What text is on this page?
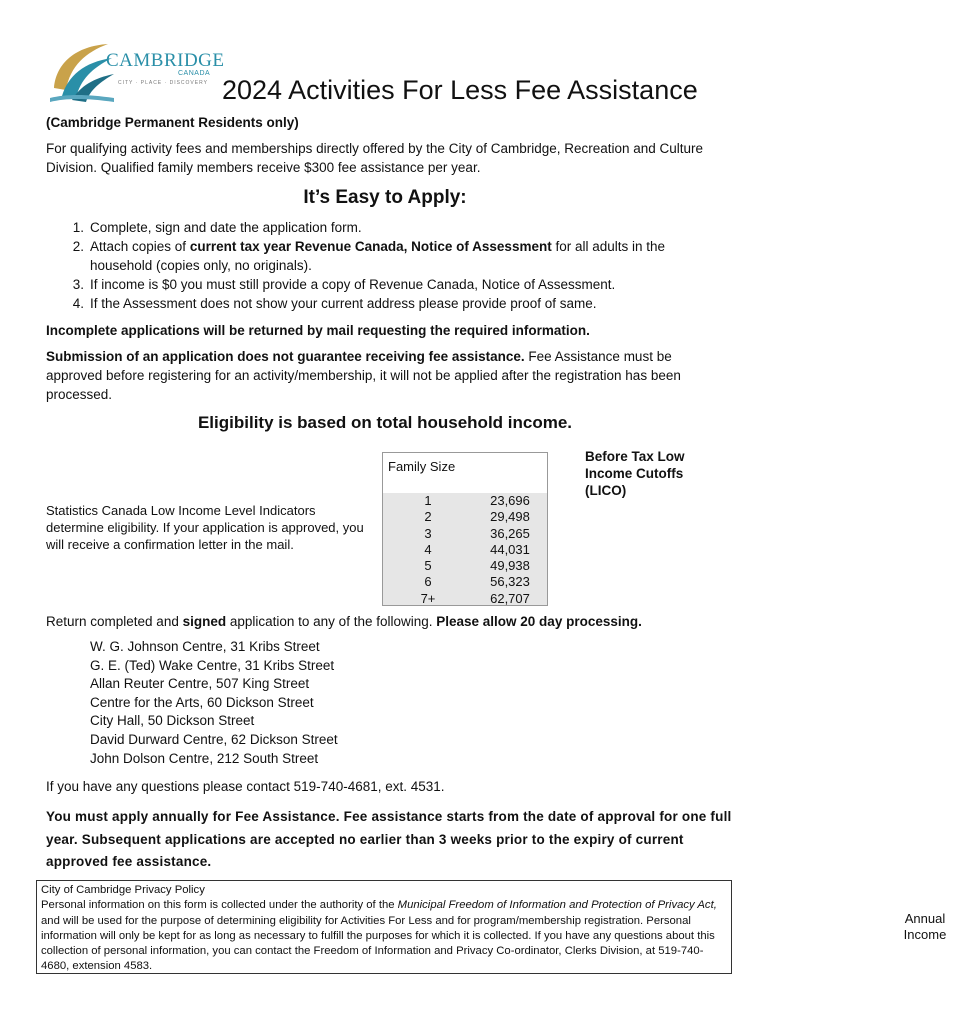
CAMBRIDGE
CANADA
CITY · PLACE · DISCOVERY 2024 Activities For Less Fee Assistance
(Cambridge Permanent Residents only)
For qualifying activity fees and memberships directly offered by the City of Cambridge, Recreation and Culture Division. Qualified family members receive $300 fee assistance per year.
It’s Easy to Apply:
1. Complete, sign and date the application form.
2. Attach copies of current tax year Revenue Canada, Notice of Assessment for all adults in the household (copies only, no originals).
3. If income is $0 you must still provide a copy of Revenue Canada, Notice of Assessment.
4. If the Assessment does not show your current address please provide proof of same.
Incomplete applications will be returned by mail requesting the required information.
Submission of an application does not guarantee receiving fee assistance. Fee Assistance must be approved before registering for an activity/membership, it will not be applied after the registration has been processed.
Eligibility is based on total household income.
Statistics Canada Low Income Level Indicators determine eligibility. If your application is approved, you will receive a confirmation letter in the mail.
Family Size
Annual Income
1	23,696
2	29,498
3	36,265
4	44,031
5	49,938
6	56,323
7+	62,707
Before Tax Low Income Cutoffs (LICO)
Return completed and signed application to any of the following. Please allow 20 day processing.
W. G. Johnson Centre, 31 Kribs Street
G. E. (Ted) Wake Centre, 31 Kribs Street
Allan Reuter Centre, 507 King Street
Centre for the Arts, 60 Dickson Street
City Hall, 50 Dickson Street
David Durward Centre, 62 Dickson Street
John Dolson Centre, 212 South Street
If you have any questions please contact 519-740-4681, ext. 4531.
You must apply annually for Fee Assistance. Fee assistance starts from the date of approval for one full year. Subsequent applications are accepted no earlier than 3 weeks prior to the expiry of current approved fee assistance.
City of Cambridge Privacy Policy
Personal information on this form is collected under the authority of the Municipal Freedom of Information and Protection of Privacy Act, and will be used for the purpose of determining eligibility for Activities For Less and for program/membership registration. Personal information will only be kept for as long as necessary to fulfill the purposes for which it is collected. If you have any questions about this collection of personal information, you can contact the Freedom of Information and Privacy Co-ordinator, Clerks Division, at 519-740-4680, extension 4583.
